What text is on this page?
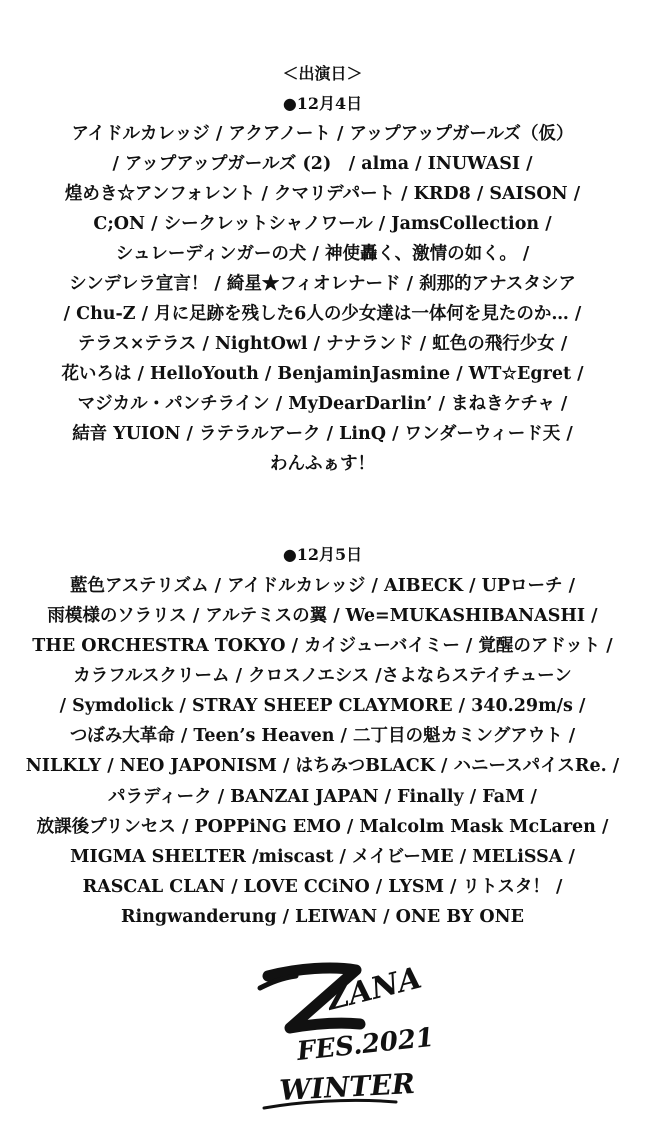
＜出演日＞
●12月4日
アイドルカレッジ / アクアノート / アップアップガールズ（仮）
/ アップアップガールズ (2)　/ alma / INUWASI /
煌めき☆アンフォレント / クマリデパート / KRD8 / SAISON /
C;ON / シークレットシャノワール / JamsCollection /
シュレーディンガーの犬 / 神使轟く、激情の如く。 /
シンデレラ宣言！ / 綺星★フィオレナード / 刹那的アナスタシア
/ Chu-Z / 月に足跡を残した6人の少女達は一体何を見たのか… /
テラス×テラス / NightOwl / ナナランド / 虹色の飛行少女 /
花いろは / HelloYouth / BenjaminJasmine / WT☆Egret /
マジカル・パンチライン / MyDearDarlin’ / まねきケチャ /
結音 YUION / ラテラルアーク / LinQ / ワンダーウィード天 /
わんふぁす！
●12月5日
藍色アステリズム / アイドルカレッジ / AIBECK / UPローチ /
雨模様のソラリス / アルテミスの翼 / We=MUKASHIBANASHI /
THE ORCHESTRA TOKYO / カイジューバイミー / 覚醒のアドット /
カラフルスクリーム / クロスノエシス /さよならステイチューン
/ Symdolick / STRAY SHEEP CLAYMORE / 340.29m/s /
つぼみ大革命 / Teen’s Heaven / 二丁目の魁カミングアウト /
NILKLY / NEO JAPONISM / はちみつBLACK / ハニースパイスRe. /
パラディーク / BANZAI JAPAN / Finally / FaM /
放課後プリンセス / POPPiNG EMO / Malcolm Mask McLaren /
MIGMA SHELTER /miscast / メイビーME / MELiSSA /
RASCAL CLAN / LOVE CCiNO / LYSM / リトスタ！ /
Ringwanderung / LEIWAN / ONE BY ONE
ZANA
FES.2021
WINTER
